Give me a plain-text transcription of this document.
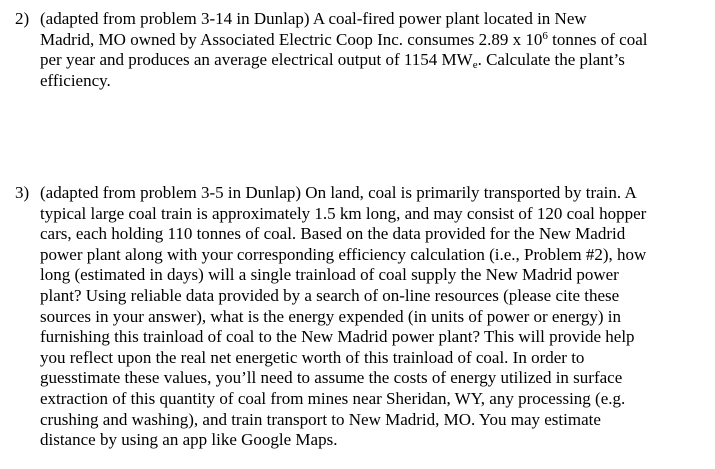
2) (adapted from problem 3-14 in Dunlap) A coal-fired power plant located in New
Madrid, MO owned by Associated Electric Coop Inc. consumes 2.89 x $10^6$ tonnes of coal
per year and produces an average electrical output of 1154 $MW_e$. Calculate the plant’s
efficiency.
3) (adapted from problem 3-5 in Dunlap) On land, coal is primarily transported by train. A
typical large coal train is approximately 1.5 km long, and may consist of 120 coal hopper
cars, each holding 110 tonnes of coal. Based on the data provided for the New Madrid
power plant along with your corresponding efficiency calculation (i.e., Problem #2), how
long (estimated in days) will a single trainload of coal supply the New Madrid power
plant? Using reliable data provided by a search of on-line resources (please cite these
sources in your answer), what is the energy expended (in units of power or energy) in
furnishing this trainload of coal to the New Madrid power plant? This will provide help
you reflect upon the real net energetic worth of this trainload of coal. In order to
guesstimate these values, you’ll need to assume the costs of energy utilized in surface
extraction of this quantity of coal from mines near Sheridan, WY, any processing (e.g.
crushing and washing), and train transport to New Madrid, MO. You may estimate
distance by using an app like Google Maps.
